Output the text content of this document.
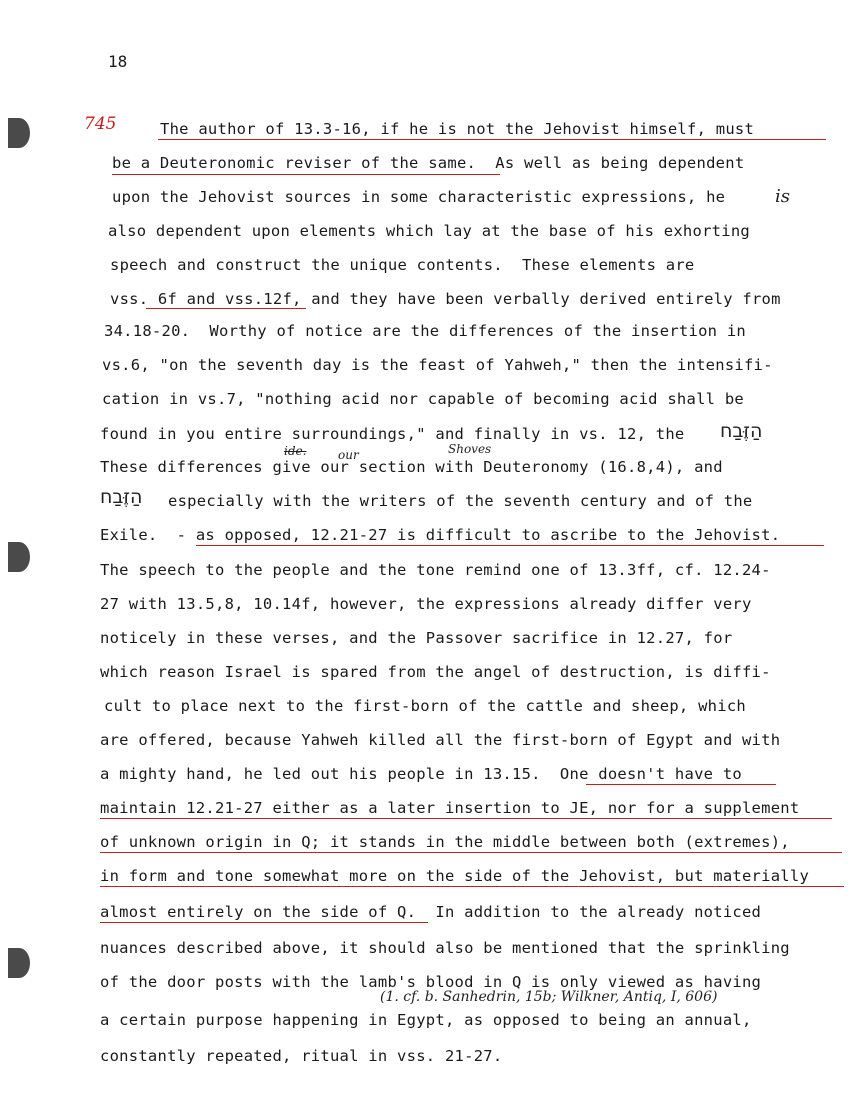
18
745	The author of 13.3-16, if he is not the Jehovist himself, must
be a Deuteronomic reviser of the same.  As well as being dependent
upon the Jehovist sources in some characteristic expressions, he
also dependent upon elements which lay at the base of his exhorting
speech and construct the unique contents.  These elements are
vss. 6f and vss.12f, and they have been verbally derived entirely from
34.18-20.  Worthy of notice are the differences of the insertion in
vs.6, "on the seventh day is the feast of Yahweh," then the intensifi-
cation in vs.7, "nothing acid nor capable of becoming acid shall be
found in you entire surroundings," and finally in vs. 12, the
These differences give our section with Deuteronomy (16.8,4), and
especially with the writers of the seventh century and of the
Exile.  - as opposed, 12.21-27 is difficult to ascribe to the Jehovist.
The speech to the people and the tone remind one of 13.3ff, cf. 12.24-
27 with 13.5,8, 10.14f, however, the expressions already differ very
noticely in these verses, and the Passover sacrifice in 12.27, for
which reason Israel is spared from the angel of destruction, is diffi-
cult to place next to the first-born of the cattle and sheep, which
are offered, because Yahweh killed all the first-born of Egypt and with
a mighty hand, he led out his people in 13.15.  One doesn't have to
maintain 12.21-27 either as a later insertion to JE, nor for a supplement
of unknown origin in Q; it stands in the middle between both (extremes),
in form and tone somewhat more on the side of the Jehovist, but materially
almost entirely on the side of Q.  In addition to the already noticed
nuances described above, it should also be mentioned that the sprinkling
of the door posts with the lamb's blood in Q is only viewed as having
a certain purpose happening in Egypt, as opposed to being an annual,
constantly repeated, ritual in vss. 21-27.
is
ide.	our	Shoves
הַזֶּבַח
הַזֶּבַח
(1. cf. b. Sanhedrin, 15b; Wilkner, Antiq, I, 606)
